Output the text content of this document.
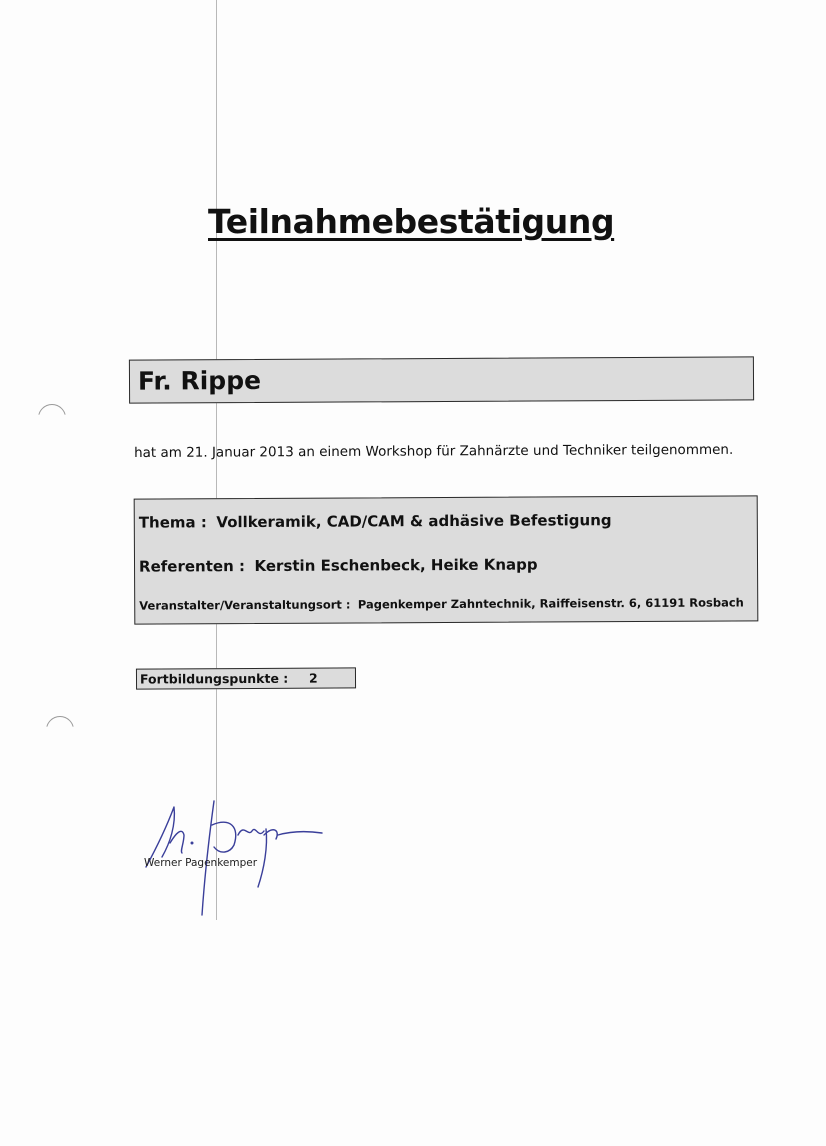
Teilnahmebestätigung
Fr. Rippe
hat am 21. Januar 2013 an einem Workshop für Zahnärzte und Techniker teilgenommen.
Thema : Vollkeramik, CAD/CAM & adhäsive Befestigung
Referenten : Kerstin Eschenbeck, Heike Knapp
Veranstalter/Veranstaltungsort : Pagenkemper Zahntechnik, Raiffeisenstr. 6, 61191 Rosbach
Fortbildungspunkte : 2
Werner Pagenkemper
